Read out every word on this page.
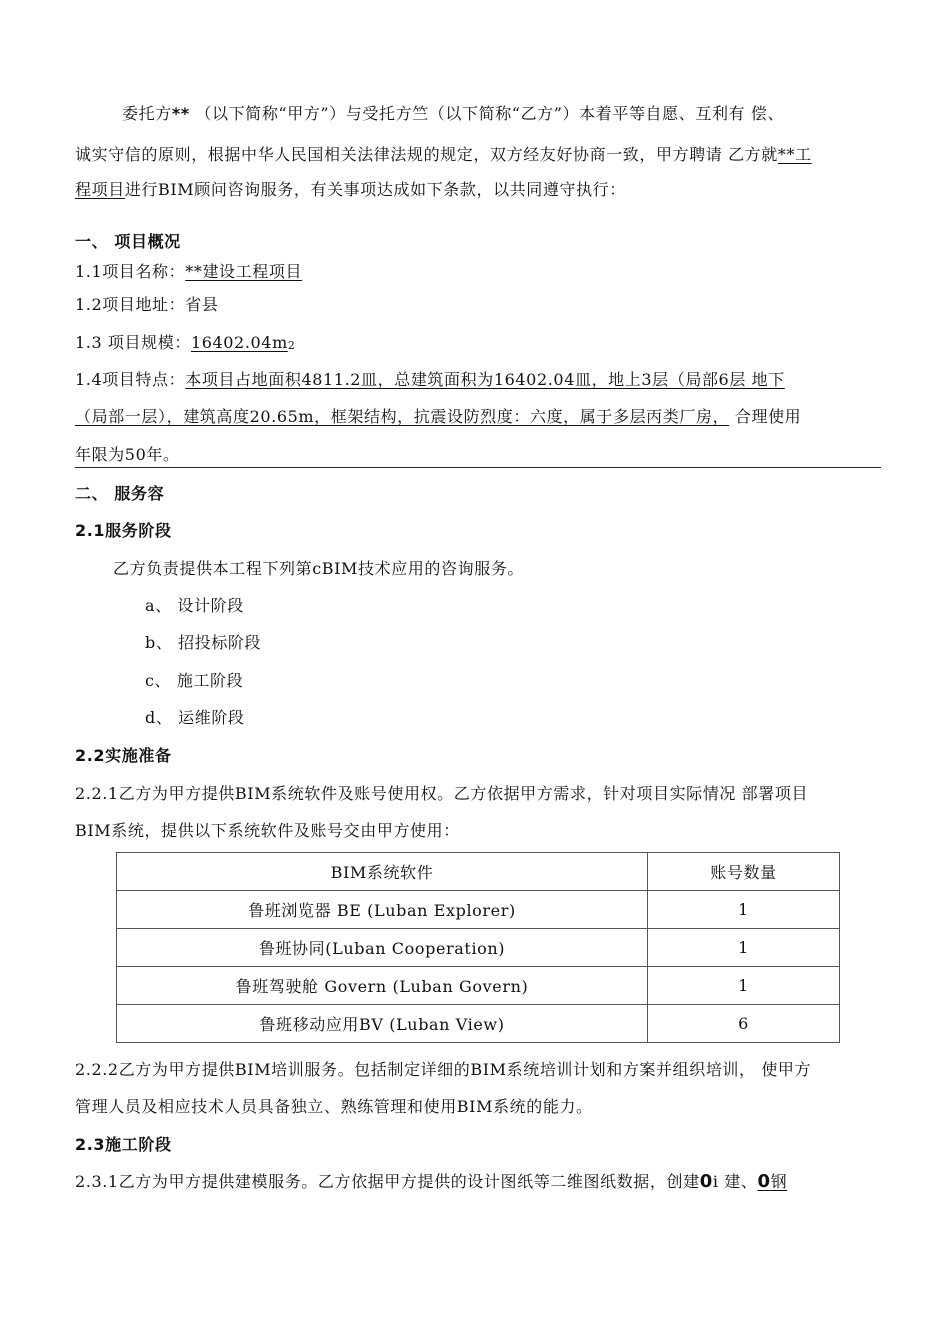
委托方** （以下简称“甲方”）与受托方竺（以下简称“乙方”）本着平等自愿、互利有 偿、
诚实守信的原则，根据中华人民国相关法律法规的规定，双方经友好协商一致，甲方聘请 乙方就**工
程项目进行BIM顾问咨询服务，有关事项达成如下条款，以共同遵守执行：
一、 项目概况
1.1项目名称：**建设工程项目
1.2项目地址：省县
1.3 项目规模：16402.04m2
1.4项目特点：本项目占地面积4811.2皿，总建筑面积为16402.04皿，地上3层（局部6层 地下
（局部一层），建筑高度20.65m，框架结构，抗震设防烈度：六度，属于多层丙类厂房， 合理使用
年限为50年。
二、 服务容
2.1服务阶段
乙方负责提供本工程下列第cBIM技术应用的咨询服务。
a、 设计阶段
b、 招投标阶段
c、 施工阶段
d、 运维阶段
2.2实施准备
2.2.1乙方为甲方提供BIM系统软件及账号使用权。乙方依据甲方需求，针对项目实际情况 部署项目
BIM系统，提供以下系统软件及账号交由甲方使用：
BIM系统软件	账号数量
鲁班浏览器 BE (Luban Explorer)	1
鲁班协同(Luban Cooperation)	1
鲁班驾驶舱 Govern (Luban Govern)	1
鲁班移动应用BV (Luban View)	6
2.2.2乙方为甲方提供BIM培训服务。包括制定详细的BIM系统培训计划和方案并组织培训， 使甲方
管理人员及相应技术人员具备独立、熟练管理和使用BIM系统的能力。
2.3施工阶段
2.3.1乙方为甲方提供建模服务。乙方依据甲方提供的设计图纸等二维图纸数据，创建0i 建、0钢
